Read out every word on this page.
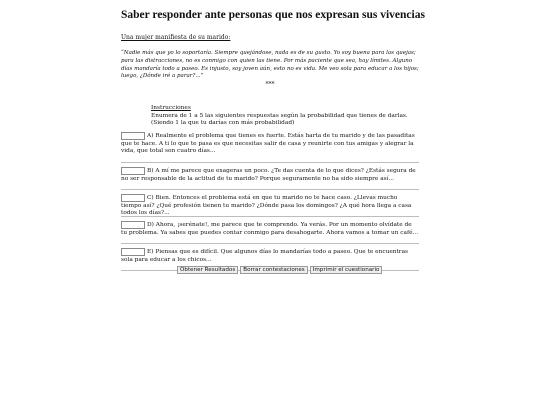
Saber responder ante personas que nos expresan sus vivencias
Una mujer manifiesta de su marido:
“Nadie más que yo lo soportaría. Siempre quejándose, nada es de su gusto. Yo soy buena para las quejas; para las distracciones, no es conmigo con quien las tiene. Por más paciente que sea, hay límites. Alguno días mandaría todo a paseo. Es injusto, soy joven aún, esto no es vida. Me veo sola para educar a los hijos; luego, ¿Dónde iré a parar?...”
***
Instrucciones
Enumera de 1 a 5 las siguientes respuestas según la probabilidad que tienes de darlas.
(Siendo 1 la que tu darías con más probabilidad)
A) Realmente el problema que tienes es fuerte. Estás harta de tu marido y de las pasaditas que te hace. A ti lo que te pasa es que necesitas salir de casa y reunirte con tus amigas y alegrar la vida, que total son cuatro días...
B) A mí me parece que exageras un poco. ¿Te das cuenta de lo que dices? ¿Estás segura de no ser responsable de la actitud de tu marido? Porque seguramente no ha sido siempre así...
C) Bien. Entonces el problema está en que tu marido no te hace caso. ¿Llevas mucho tiempo así? ¿Qué profesión tienen tu marido? ¿Dónde pasa los domingos? ¿A qué hora llega a casa todos los días?...
D) Ahora, ¡serénate!, me parece que te comprendo. Ya verás. Por un momento olvídate de tu problema. Ya sabes que puedes contar conmigo para desahogarte. Ahora vamos a tomar un café...
E) Piensas que es difícil. Que algunos días lo mandarías todo a paseo. Que te encuentras sola para educar a los chicos...
Obtener Resultados	Borrar contestaciones	Imprimir el cuestionario
